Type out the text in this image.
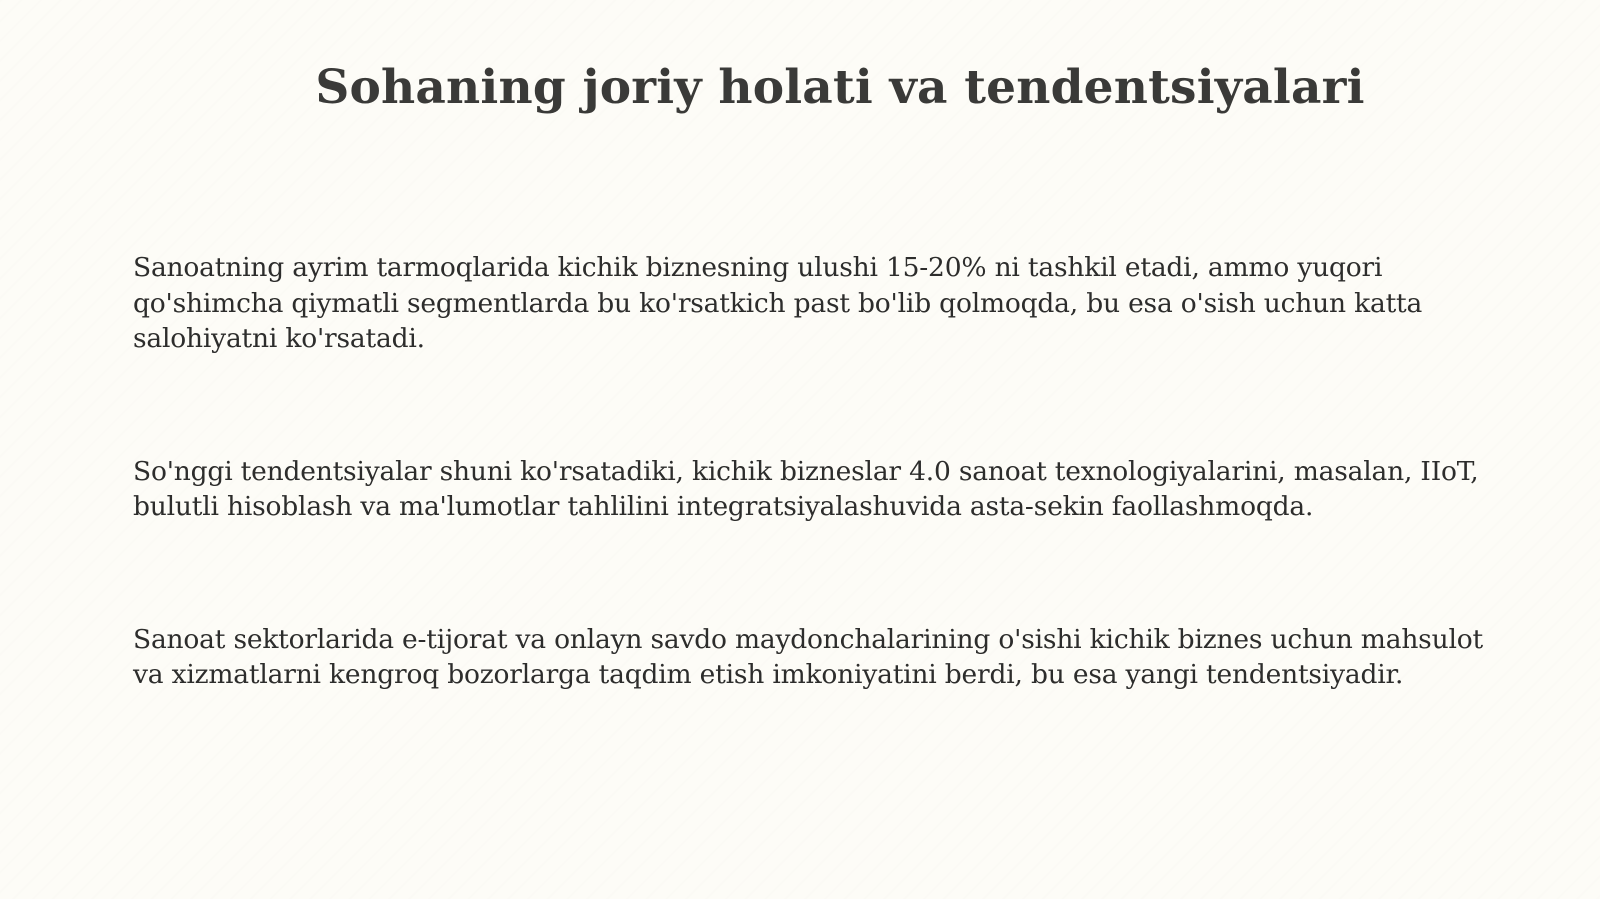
Sohaning joriy holati va tendentsiyalari

Sanoatning ayrim tarmoqlarida kichik biznesning ulushi 15-20% ni tashkil etadi, ammo yuqori qo'shimcha qiymatli segmentlarda bu ko'rsatkich past bo'lib qolmoqda, bu esa o'sish uchun katta salohiyatni ko'rsatadi.

So'nggi tendentsiyalar shuni ko'rsatadiki, kichik bizneslar 4.0 sanoat texnologiyalarini, masalan, IIoT, bulutli hisoblash va ma'lumotlar tahlilini integratsiyalashuvida asta-sekin faollashmoqda.

Sanoat sektorlarida e-tijorat va onlayn savdo maydonchalarining o'sishi kichik biznes uchun mahsulot va xizmatlarni kengroq bozorlarga taqdim etish imkoniyatini berdi, bu esa yangi tendentsiyadir.
